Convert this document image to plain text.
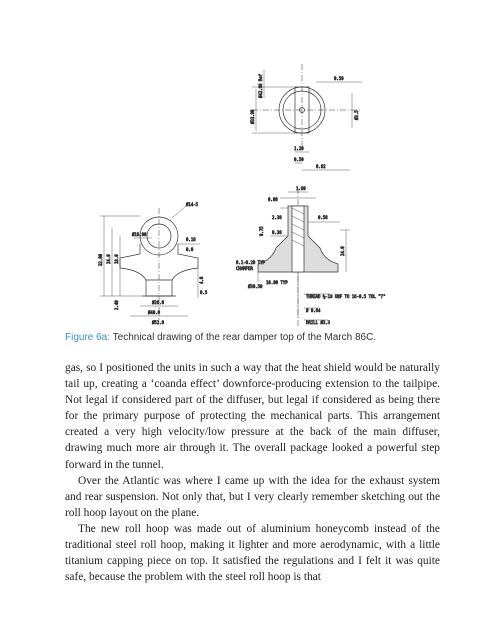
Ø42.80 Ref
Ø33.90
0.59
Ø3.5
1.20
0.50
0.92
Ø14-5
Ø19.90
0.16
0.0
32.80 24.0 18.0
2.40
4.0
Ø26.0
Ø40.0
0.5
Ø52.0
1.60
0.80
0.58
2.38
0.38
24.0
0.75
0.1-0.20 TYP
CHAMFER
Ø30.50
10.80 TYP
THREAD ⅝-18 UNF TO 16-0.5 TOL "7"
Ø 0.64
DRILL Ø3.3
Figure 6a: Technical drawing of the rear damper top of the March 86C.

gas, so I positioned the units in such a way that the heat shield would be naturally tail up, creating a ‘coanda effect’ downforce-producing extension to the tailpipe. Not legal if considered part of the diffuser, but legal if considered as being there for the primary purpose of protecting the mechanical parts. This arrangement created a very high velocity/low pressure at the back of the main diffuser, drawing much more air through it. The overall package looked a powerful step forward in the tunnel.

Over the Atlantic was where I came up with the idea for the exhaust system and rear suspension. Not only that, but I very clearly remember sketching out the roll hoop layout on the plane.

The new roll hoop was made out of aluminium honeycomb instead of the traditional steel roll hoop, making it lighter and more aerodynamic, with a little titanium capping piece on top. It satisfied the regulations and I felt it was quite safe, because the problem with the steel roll hoop is that
